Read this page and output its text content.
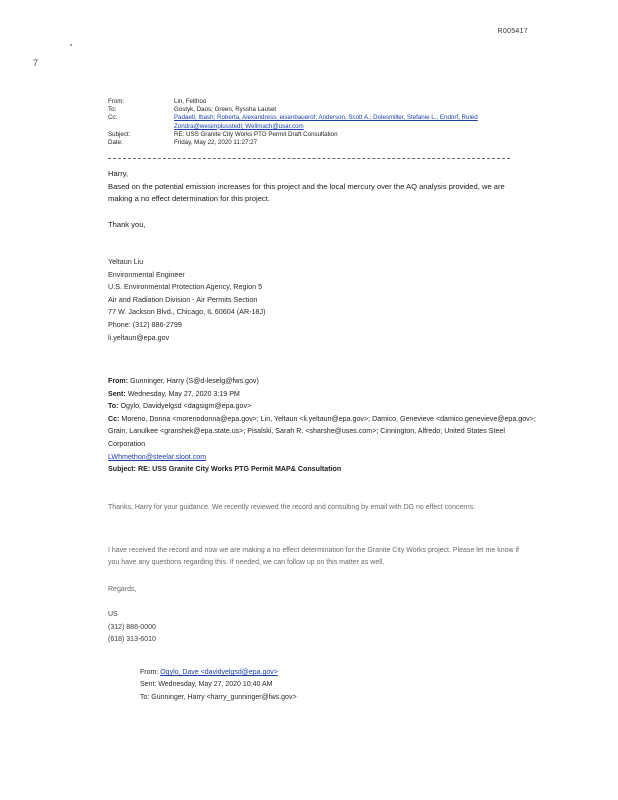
R005417
7
From:	Lin, Felthoo
To:	Gostyk, Daos; Green, Ryssha Lauset
Cc:	Padaeti, Ibash; Roberta, Alexandress; eisenbauerof; Anderson, Scott A.; Dolesmiller, Stefanie L.; Endorf, Ruled
Zondra@wesimplusstedl; Wellmach@usar.com
Subject:	RE: USS Granite City Works PTG Permit Draft Consultation
Date:	Friday, May 22, 2020 11:27:27
Harry,
Based on the potential emission increases for this project and the local mercury over the AQ analysis provided, we are making a no effect determination for this project.
Thank you,
Yeltaun Liu
Environmental Engineer
U.S. Environmental Protection Agency, Region 5
Air and Radiation Division - Air Permits Section
77 W. Jackson Blvd., Chicago, IL 60604 (AR-18J)
Phone: (312) 886-2799
li.yeltaun@epa.gov
From: Gunninger, Harry (S@d-leselg@fws.gov)
Sent: Wednesday, May 27, 2020 3:19 PM
To: Ogylo, Davidyelgsd <dagsigm@epa.gov>
Cc: Moreno, Donna <morenodonna@epa.gov>; Lin, Yeltaun <li.yeltaun@epa.gov>; Damico, Genevieve <damico.genevieve@epa.gov>; Grain, Lanulkee <granshek@epa.state.us>; Pisalski, Sarah R. <sharshe@uses.com>; Cinnington, Alfredo; United States Steel Corporation
LWhmethon@steelar.sloot.com
Subject: RE: USS Granite City Works PTG Permit MAP& Consultation
Thanks, Harry for your guidance. We recently reviewed the record and consulting by email with DG no effect concerns.
I have received the record and now we are making a no effect determination for the Granite City Works project. Please let me know if you have any questions regarding this. If needed, we can follow up on this matter as well.
Regards,
US
(312) 886-0000
(618) 313-6010
From: Ogylo, Dave <davidyelgsd@epa.gov>
Sent: Wednesday, May 27, 2020 10:40 AM
To: Gunninger, Harry <harry_gunninger@fws.gov>
